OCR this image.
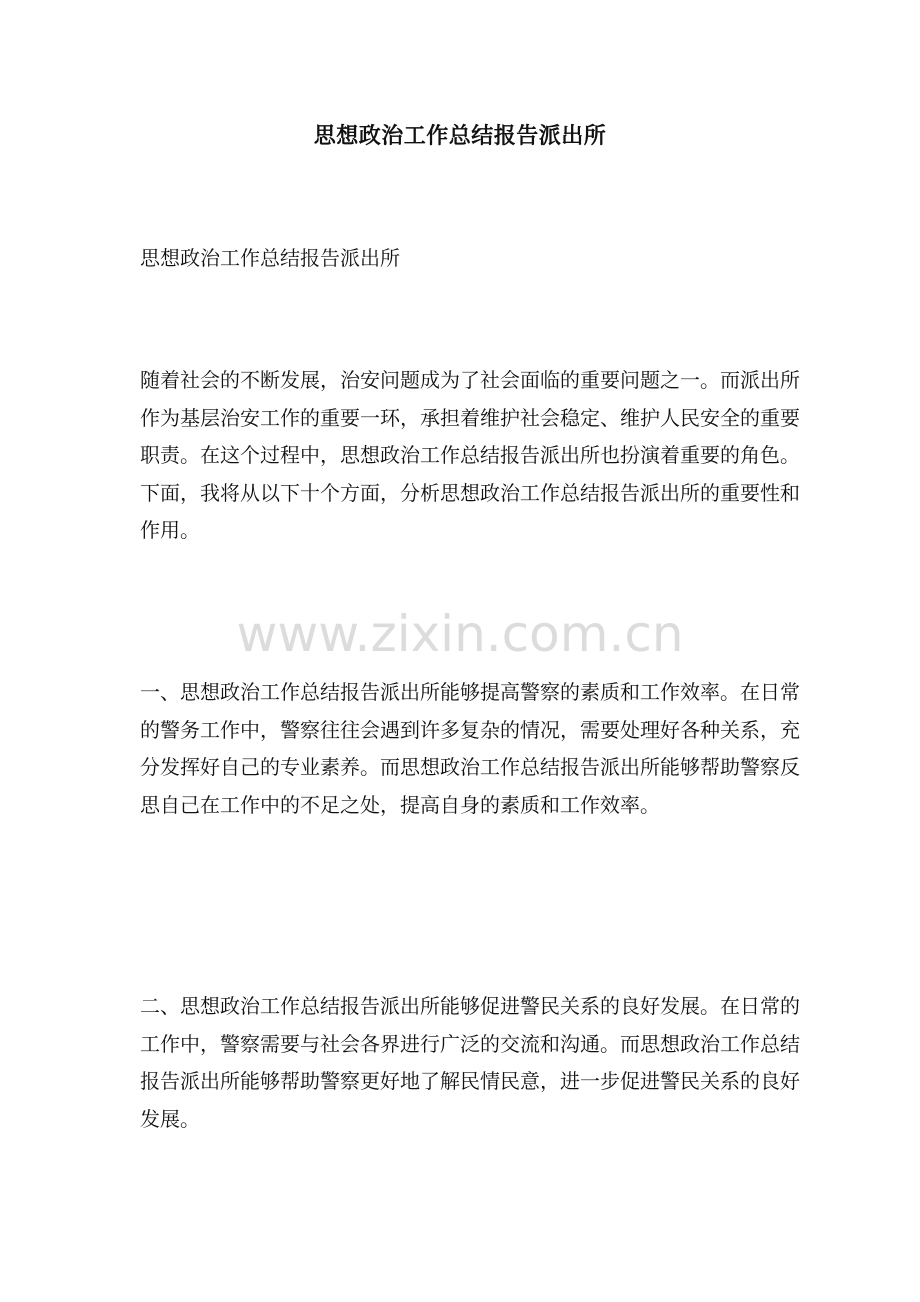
思想政治工作总结报告派出所
思想政治工作总结报告派出所

随着社会的不断发展，治安问题成为了社会面临的重要问题之一。而派出所作为基层治安工作的重要一环，承担着维护社会稳定、维护人民安全的重要职责。在这个过程中，思想政治工作总结报告派出所也扮演着重要的角色。下面，我将从以下十个方面，分析思想政治工作总结报告派出所的重要性和作用。

www.zixin.com.cn

一、思想政治工作总结报告派出所能够提高警察的素质和工作效率。在日常的警务工作中，警察往往会遇到许多复杂的情况，需要处理好各种关系，充分发挥好自己的专业素养。而思想政治工作总结报告派出所能够帮助警察反思自己在工作中的不足之处，提高自身的素质和工作效率。

二、思想政治工作总结报告派出所能够促进警民关系的良好发展。在日常的工作中，警察需要与社会各界进行广泛的交流和沟通。而思想政治工作总结报告派出所能够帮助警察更好地了解民情民意，进一步促进警民关系的良好发展。
